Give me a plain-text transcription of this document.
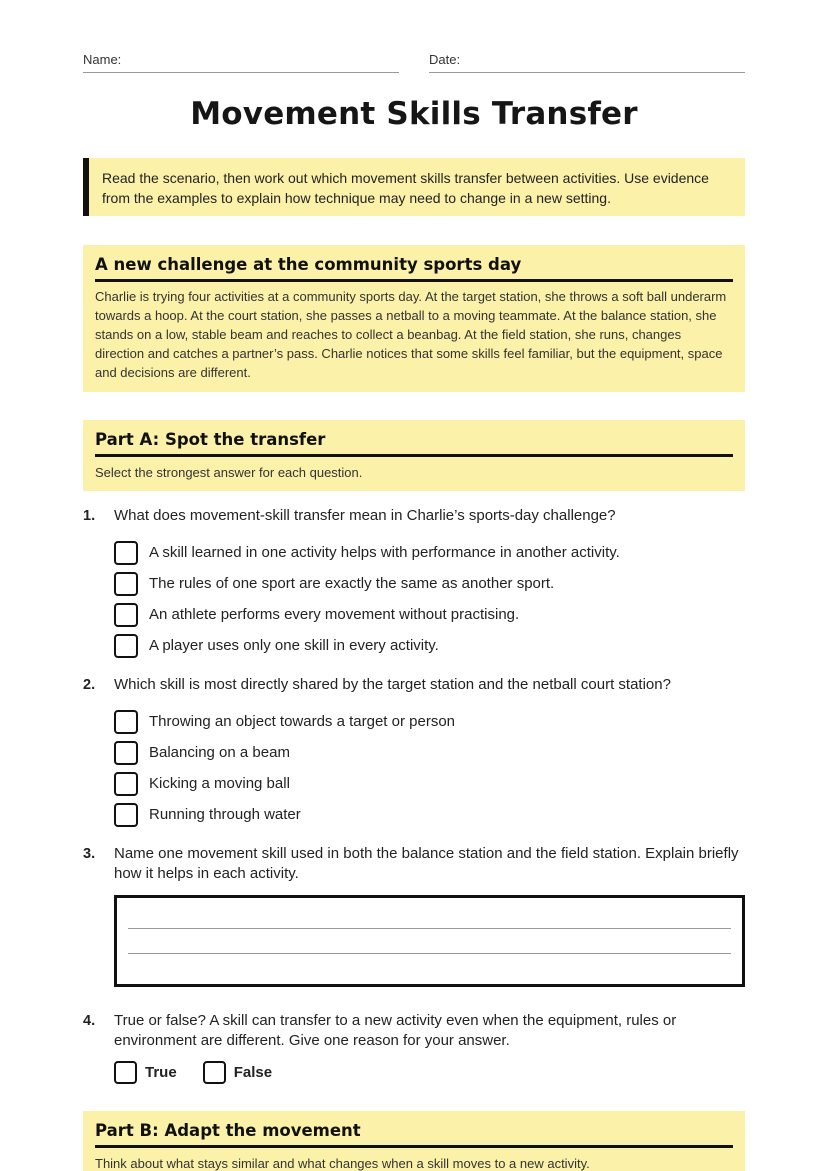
Name:	Date:
Movement Skills Transfer
Read the scenario, then work out which movement skills transfer between activities. Use evidence from the examples to explain how technique may need to change in a new setting.
A new challenge at the community sports day

Charlie is trying four activities at a community sports day. At the target station, she throws a soft ball underarm towards a hoop. At the court station, she passes a netball to a moving teammate. At the balance station, she stands on a low, stable beam and reaches to collect a beanbag. At the field station, she runs, changes direction and catches a partner’s pass. Charlie notices that some skills feel familiar, but the equipment, space and decisions are different.

Part A: Spot the transfer

Select the strongest answer for each question.

1. What does movement-skill transfer mean in Charlie’s sports-day challenge?
A skill learned in one activity helps with performance in another activity.
The rules of one sport are exactly the same as another sport.
An athlete performs every movement without practising.
A player uses only one skill in every activity.
2. Which skill is most directly shared by the target station and the netball court station?
Throwing an object towards a target or person
Balancing on a beam
Kicking a moving ball
Running through water
3. Name one movement skill used in both the balance station and the field station. Explain briefly how it helps in each activity.
4. True or false? A skill can transfer to a new activity even when the equipment, rules or environment are different. Give one reason for your answer.
True	False
Part B: Adapt the movement

Think about what stays similar and what changes when a skill moves to a new activity.
